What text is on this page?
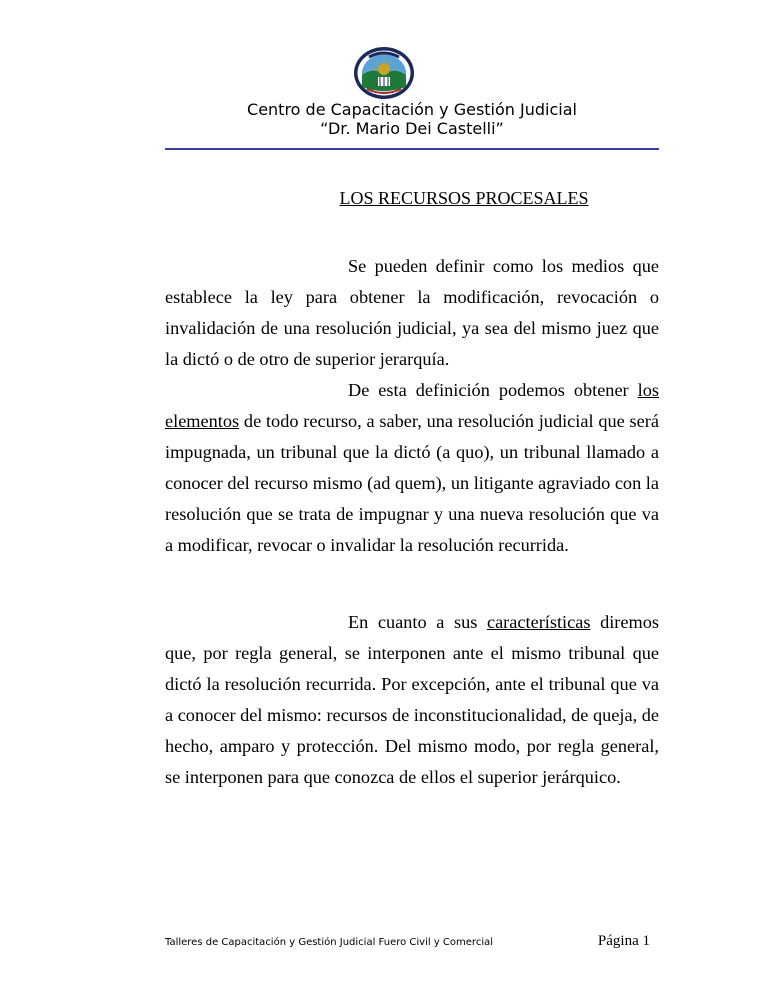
Centro de Capacitación y Gestión Judicial
“Dr. Mario Dei Castelli”
LOS RECURSOS PROCESALES

Se pueden definir como los medios que establece la ley para obtener la modificación, revocación o invalidación de una resolución judicial, ya sea del mismo juez que la dictó o de otro de superior jerarquía.

De esta definición podemos obtener los elementos de todo recurso, a saber, una resolución judicial que será impugnada, un tribunal que la dictó (a quo), un tribunal llamado a conocer del recurso mismo (ad quem), un litigante agraviado con la resolución que se trata de impugnar y una nueva resolución que va a modificar, revocar o invalidar la resolución recurrida.

En cuanto a sus características diremos que, por regla general, se interponen ante el mismo tribunal que dictó la resolución recurrida. Por excepción, ante el tribunal que va a conocer del mismo: recursos de inconstitucionalidad, de queja, de hecho, amparo y protección. Del mismo modo, por regla general, se interponen para que conozca de ellos el superior jerárquico.

Talleres de Capacitación y Gestión Judicial Fuero Civil y Comercial	Página 1
